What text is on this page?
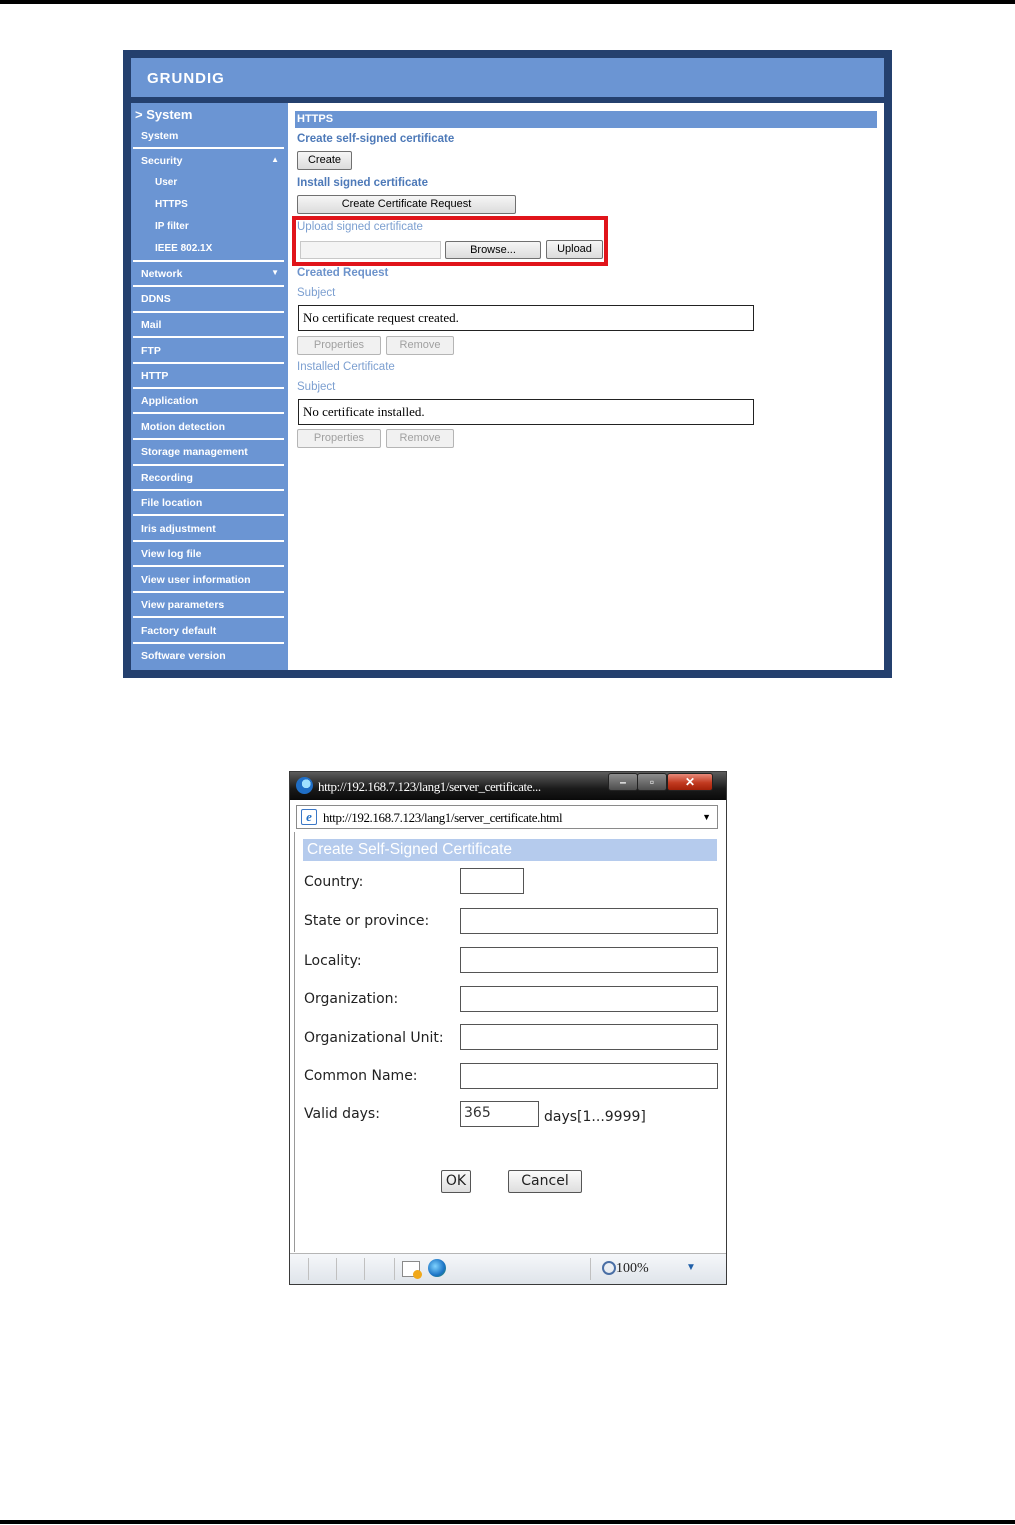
GRUNDIG
> System
System
Security	▲
User
HTTPS
IP filter
IEEE 802.1X
Network	▼
DDNS
Mail
FTP
HTTP
Application
Motion detection
Storage management
Recording
File location
Iris adjustment
View log file
View user information
View parameters
Factory default
Software version
HTTPS
Create self-signed certificate
Create
Install signed certificate
Create Certificate Request
Upload signed certificate
Browse...	Upload
Created Request
Subject
No certificate request created.
Properties	Remove
Installed Certificate
Subject
No certificate installed.
Properties	Remove
http://192.168.7.123/lang1/server_certificate...	–	▫	✕
e http://192.168.7.123/lang1/server_certificate.html	▼
Create Self-Signed Certificate
Country:
State or province:
Locality:
Organization:
Organizational Unit:
Common Name:
Valid days:	365	days[1...9999]
OK	Cancel
100%	▼
